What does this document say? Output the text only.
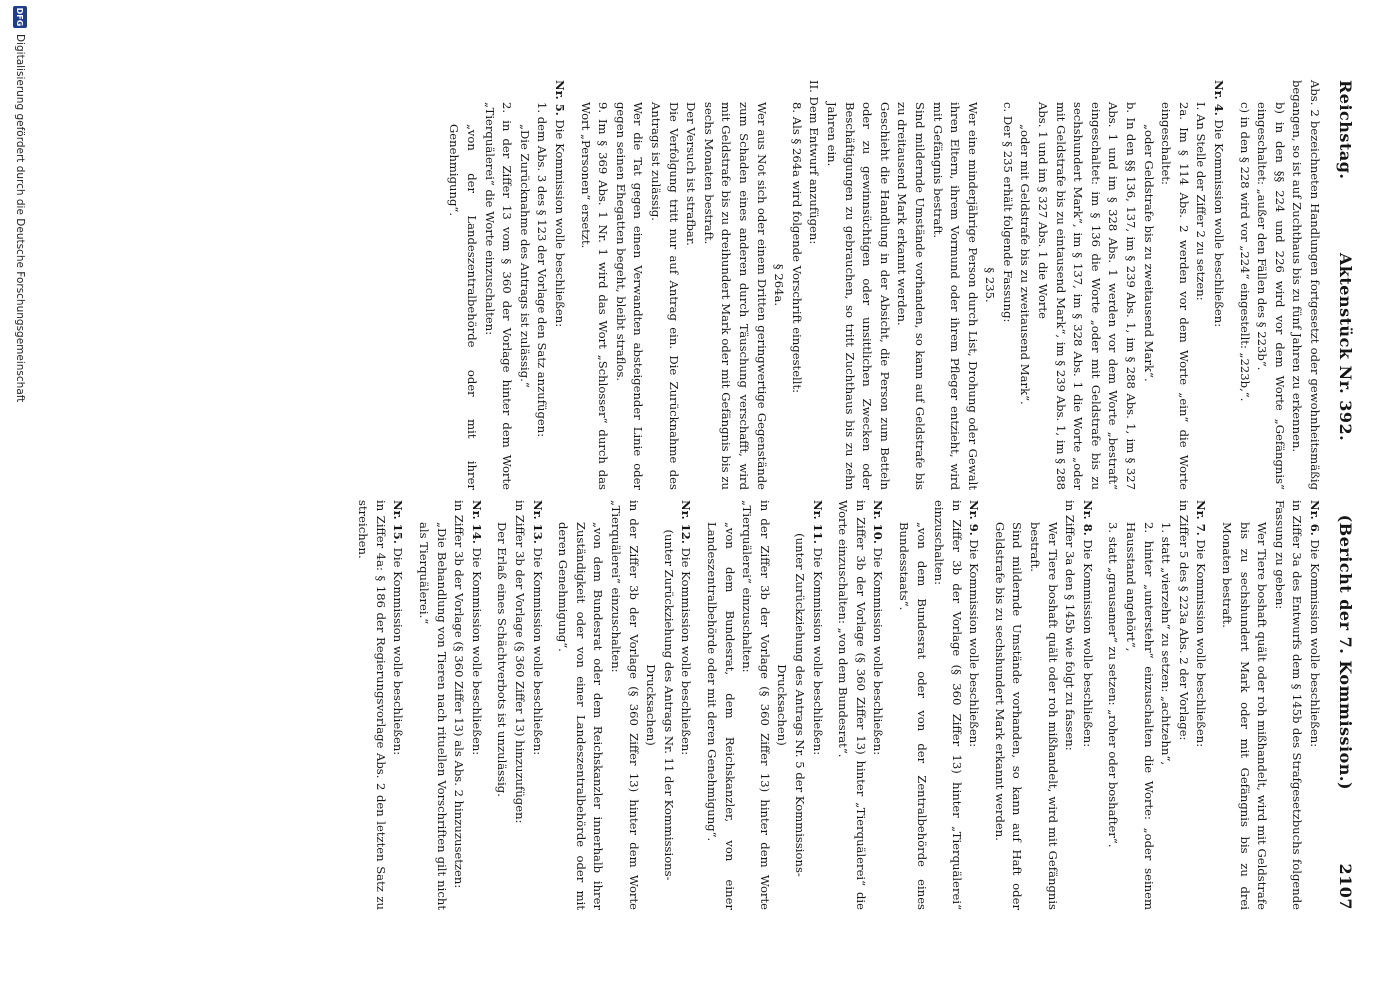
Reichstag.
Aktenstück Nr. 392.
(Bericht der 7. Kommission.)
2107

Abs. 2 bezeichneten Handlungen fortgesetzt oder gewohnheitsmäßig begangen, so ist auf Zuchthaus bis zu fünf Jahren zu erkennen.

b) in den §§ 224 und 226 wird vor dem Worte „Gefängnis“ eingeschaltet: „außer den Fällen des § 223b“.

c) in den § 228 wird vor „224“ eingestellt: „223b,“.

Nr. 4. Die Kommission wolle beschließen:

I. An Stelle der Ziffer 2 zu setzen:

2a. Im § 114 Abs. 2 werden vor dem Worte „ein“ die Worte eingeschaltet:

„oder Geldstrafe bis zu zweitausend Mark“.

b. In den §§ 136, 137, im § 239 Abs. 1, im § 288 Abs. 1, im § 327 Abs. 1 und im § 328 Abs. 1 werden vor dem Worte „bestraft“ eingeschaltet: im § 136 die Worte „oder mit Geldstrafe bis zu sechshundert Mark“, im § 137, im § 328 Abs. 1 die Worte „oder mit Geldstrafe bis zu eintausend Mark“, im § 239 Abs. 1, im § 288 Abs. 1 und im § 327 Abs. 1 die Worte

„oder mit Geldstrafe bis zu zweitausend Mark“.

c. Der § 235 erhält folgende Fassung:

§ 235.

Wer eine minderjährige Person durch List, Drohung oder Gewalt ihren Eltern, ihrem Vormund oder ihrem Pfleger entzieht, wird mit Gefängnis bestraft.

Sind mildernde Umstände vorhanden, so kann auf Geldstrafe bis zu dreitausend Mark erkannt werden.

Geschieht die Handlung in der Absicht, die Person zum Betteln oder zu gewinnsüchtigen oder unsittlichen Zwecken oder Beschäftigungen zu gebrauchen, so tritt Zuchthaus bis zu zehn Jahren ein.

II. Dem Entwurf anzufügen:

8. Als § 264a wird folgende Vorschrift eingestellt:

§ 264a.

Wer aus Not sich oder einem Dritten geringwertige Gegenstände zum Schaden eines anderen durch Täuschung verschafft, wird mit Geldstrafe bis zu dreihundert Mark oder mit Gefängnis bis zu sechs Monaten bestraft.

Der Versuch ist strafbar.

Die Verfolgung tritt nur auf Antrag ein. Die Zurücknahme des Antrags ist zulässig.

Wer die Tat gegen einen Verwandten absteigender Linie oder gegen seinen Ehegatten begeht, bleibt straflos.

9. Im § 369 Abs. 1 Nr. 1 wird das Wort „Schlosser“ durch das Wort „Personen“ ersetzt.

Nr. 5. Die Kommission wolle beschließen:

1. dem Abs. 3 des § 123 der Vorlage den Satz anzufügen:

„Die Zurücknahme des Antrags ist zulässig.“

2. in der Ziffer 13 vom § 360 der Vorlage hinter dem Worte „Tierquälerei“ die Worte einzuschalten:

„von der Landeszentralbehörde oder mit ihrer Genehmigung“.

Nr. 6. Die Kommission wolle beschließen:

in Ziffer 3a des Entwurfs dem § 145b des Strafgesetzbuchs folgende Fassung zu geben:

Wer Tiere boshaft quält oder roh mißhandelt, wird mit Geldstrafe bis zu sechshundert Mark oder mit Gefängnis bis zu drei Monaten bestraft.

Nr. 7. Die Kommission wolle beschließen:

in Ziffer 5 des § 223a Abs. 2 der Vorlage:

1. statt „vierzehn“ zu setzen: „achtzehn“,

2. hinter „unterstehr“ einzuschalten die Worte: „oder seinem Hausstand angehört“,

3. statt „grausamer“ zu setzen: „roher oder boshafter“.

Nr. 8. Die Kommission wolle beschließen:

in Ziffer 3a den § 145b wie folgt zu fassen:

Wer Tiere boshaft quält oder roh mißhandelt, wird mit Gefängnis bestraft.

Sind mildernde Umstände vorhanden, so kann auf Haft oder Geldstrafe bis zu sechshundert Mark erkannt werden.

Nr. 9. Die Kommission wolle beschließen:

in Ziffer 3b der Vorlage (§ 360 Ziffer 13) hinter „Tierquälerei“ einzuschalten:

„von dem Bundesrat oder von der Zentralbehörde eines Bundesstaats“.

Nr. 10. Die Kommission wolle beschließen:

in Ziffer 3b der Vorlage (§ 360 Ziffer 13) hinter „Tierquälerei“ die Worte einzuschalten: „von dem Bundesrat“.

Nr. 11. Die Kommission wolle beschließen:

(unter Zurückziehung des Antrags Nr. 5 der Kommissions-Drucksachen)

in der Ziffer 3b der Vorlage (§ 360 Ziffer 13) hinter dem Worte „Tierquälerei“ einzuschalten:

„von dem Bundesrat, dem Reichskanzler, von einer Landeszentralbehörde oder mit deren Genehmigung“.

Nr. 12. Die Kommission wolle beschließen:

(unter Zurückziehung des Antrags Nr. 11 der Kommissions-Drucksachen)

in der Ziffer 3b der Vorlage (§ 360 Ziffer 13) hinter dem Worte „Tierquälerei“ einzuschalten:

„von dem Bundesrat oder dem Reichskanzler innerhalb ihrer Zuständigkeit oder von einer Landeszentralbehörde oder mit deren Genehmigung“.

Nr. 13. Die Kommission wolle beschließen:

in Ziffer 3b der Vorlage (§ 360 Ziffer 13) hinzuzufügen:

Der Erlaß eines Schächtverbots ist unzulässig.

Nr. 14. Die Kommission wolle beschließen:

in Ziffer 3b der Vorlage (§ 360 Ziffer 13) als Abs. 2 hinzuzusetzen:

„Die Behandlung von Tieren nach rituellen Vorschriften gilt nicht als Tierquälerei.“

Nr. 15. Die Kommission wolle beschließen:

in Ziffer 4a: § 186 der Regierungsvorlage Abs. 2 den letzten Satz zu streichen.

DFG
Digitalisierung gefördert durch die Deutsche Forschungsgemeinschaft
